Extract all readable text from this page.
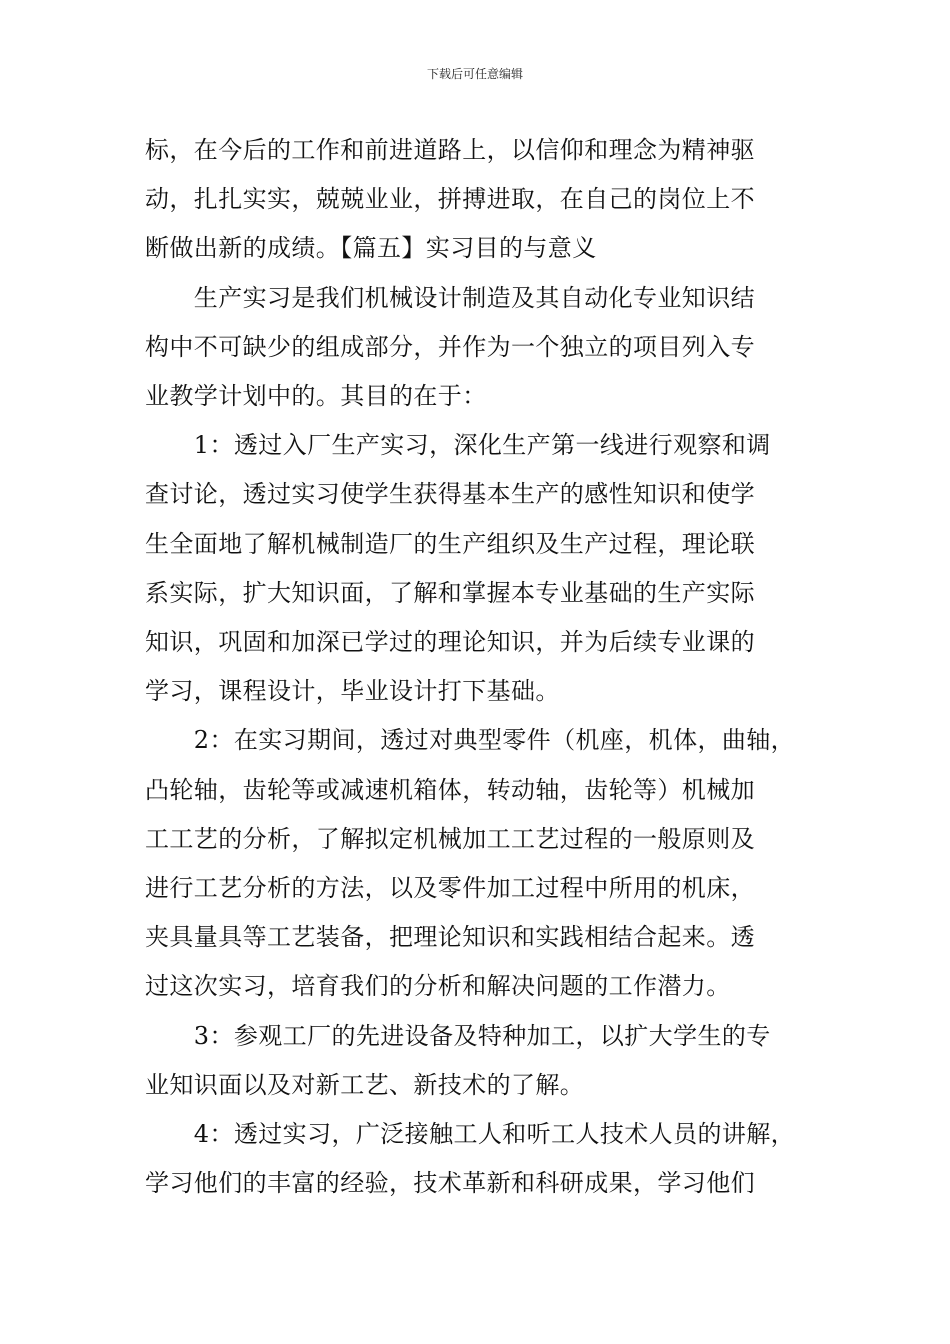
下载后可任意编辑

标，在今后的工作和前进道路上，以信仰和理念为精神驱
动，扎扎实实，兢兢业业，拼搏进取，在自己的岗位上不
断做出新的成绩。【篇五】实习目的与意义

　　生产实习是我们机械设计制造及其自动化专业知识结
构中不可缺少的组成部分，并作为一个独立的项目列入专
业教学计划中的。其目的在于：

　　1：透过入厂生产实习，深化生产第一线进行观察和调
查讨论，透过实习使学生获得基本生产的感性知识和使学
生全面地了解机械制造厂的生产组织及生产过程，理论联
系实际，扩大知识面，了解和掌握本专业基础的生产实际
知识，巩固和加深已学过的理论知识，并为后续专业课的
学习，课程设计，毕业设计打下基础。

　　2：在实习期间，透过对典型零件（机座，机体，曲轴，
凸轮轴，齿轮等或减速机箱体，转动轴，齿轮等）机械加
工工艺的分析，了解拟定机械加工工艺过程的一般原则及
进行工艺分析的方法，以及零件加工过程中所用的机床，
夹具量具等工艺装备，把理论知识和实践相结合起来。透
过这次实习，培育我们的分析和解决问题的工作潜力。

　　3：参观工厂的先进设备及特种加工，以扩大学生的专
业知识面以及对新工艺、新技术的了解。

　　4：透过实习，广泛接触工人和听工人技术人员的讲解，
学习他们的丰富的经验，技术革新和科研成果，学习他们
